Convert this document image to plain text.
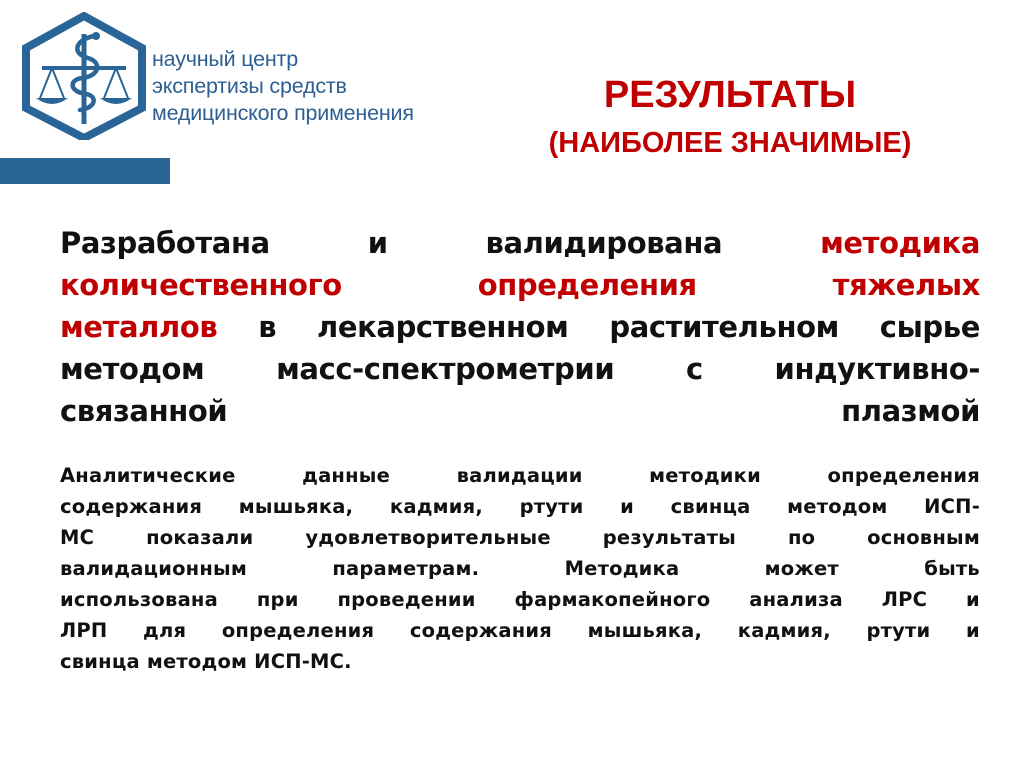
научный центр
экспертизы средств
медицинского применения	РЕЗУЛЬТАТЫ
(НАИБОЛЕЕ ЗНАЧИМЫЕ)
Разработана	и	валидирована	методика
количественного	определения	тяжелых
металлов в лекарственном растительном сырье
методом масс-спектрометрии с индуктивно-
связанной	плазмой
Аналитические	данные	валидации	методики	определения
содержания мышьяка, кадмия, ртути и свинца методом ИСП-
МС	показали	удовлетворительные	результаты	по	основным
валидационным	параметрам.	Методика	может	быть
использована при проведении фармакопейного анализа ЛРС и
ЛРП для определения содержания мышьяка, кадмия, ртути и
свинца методом ИСП-МС.
